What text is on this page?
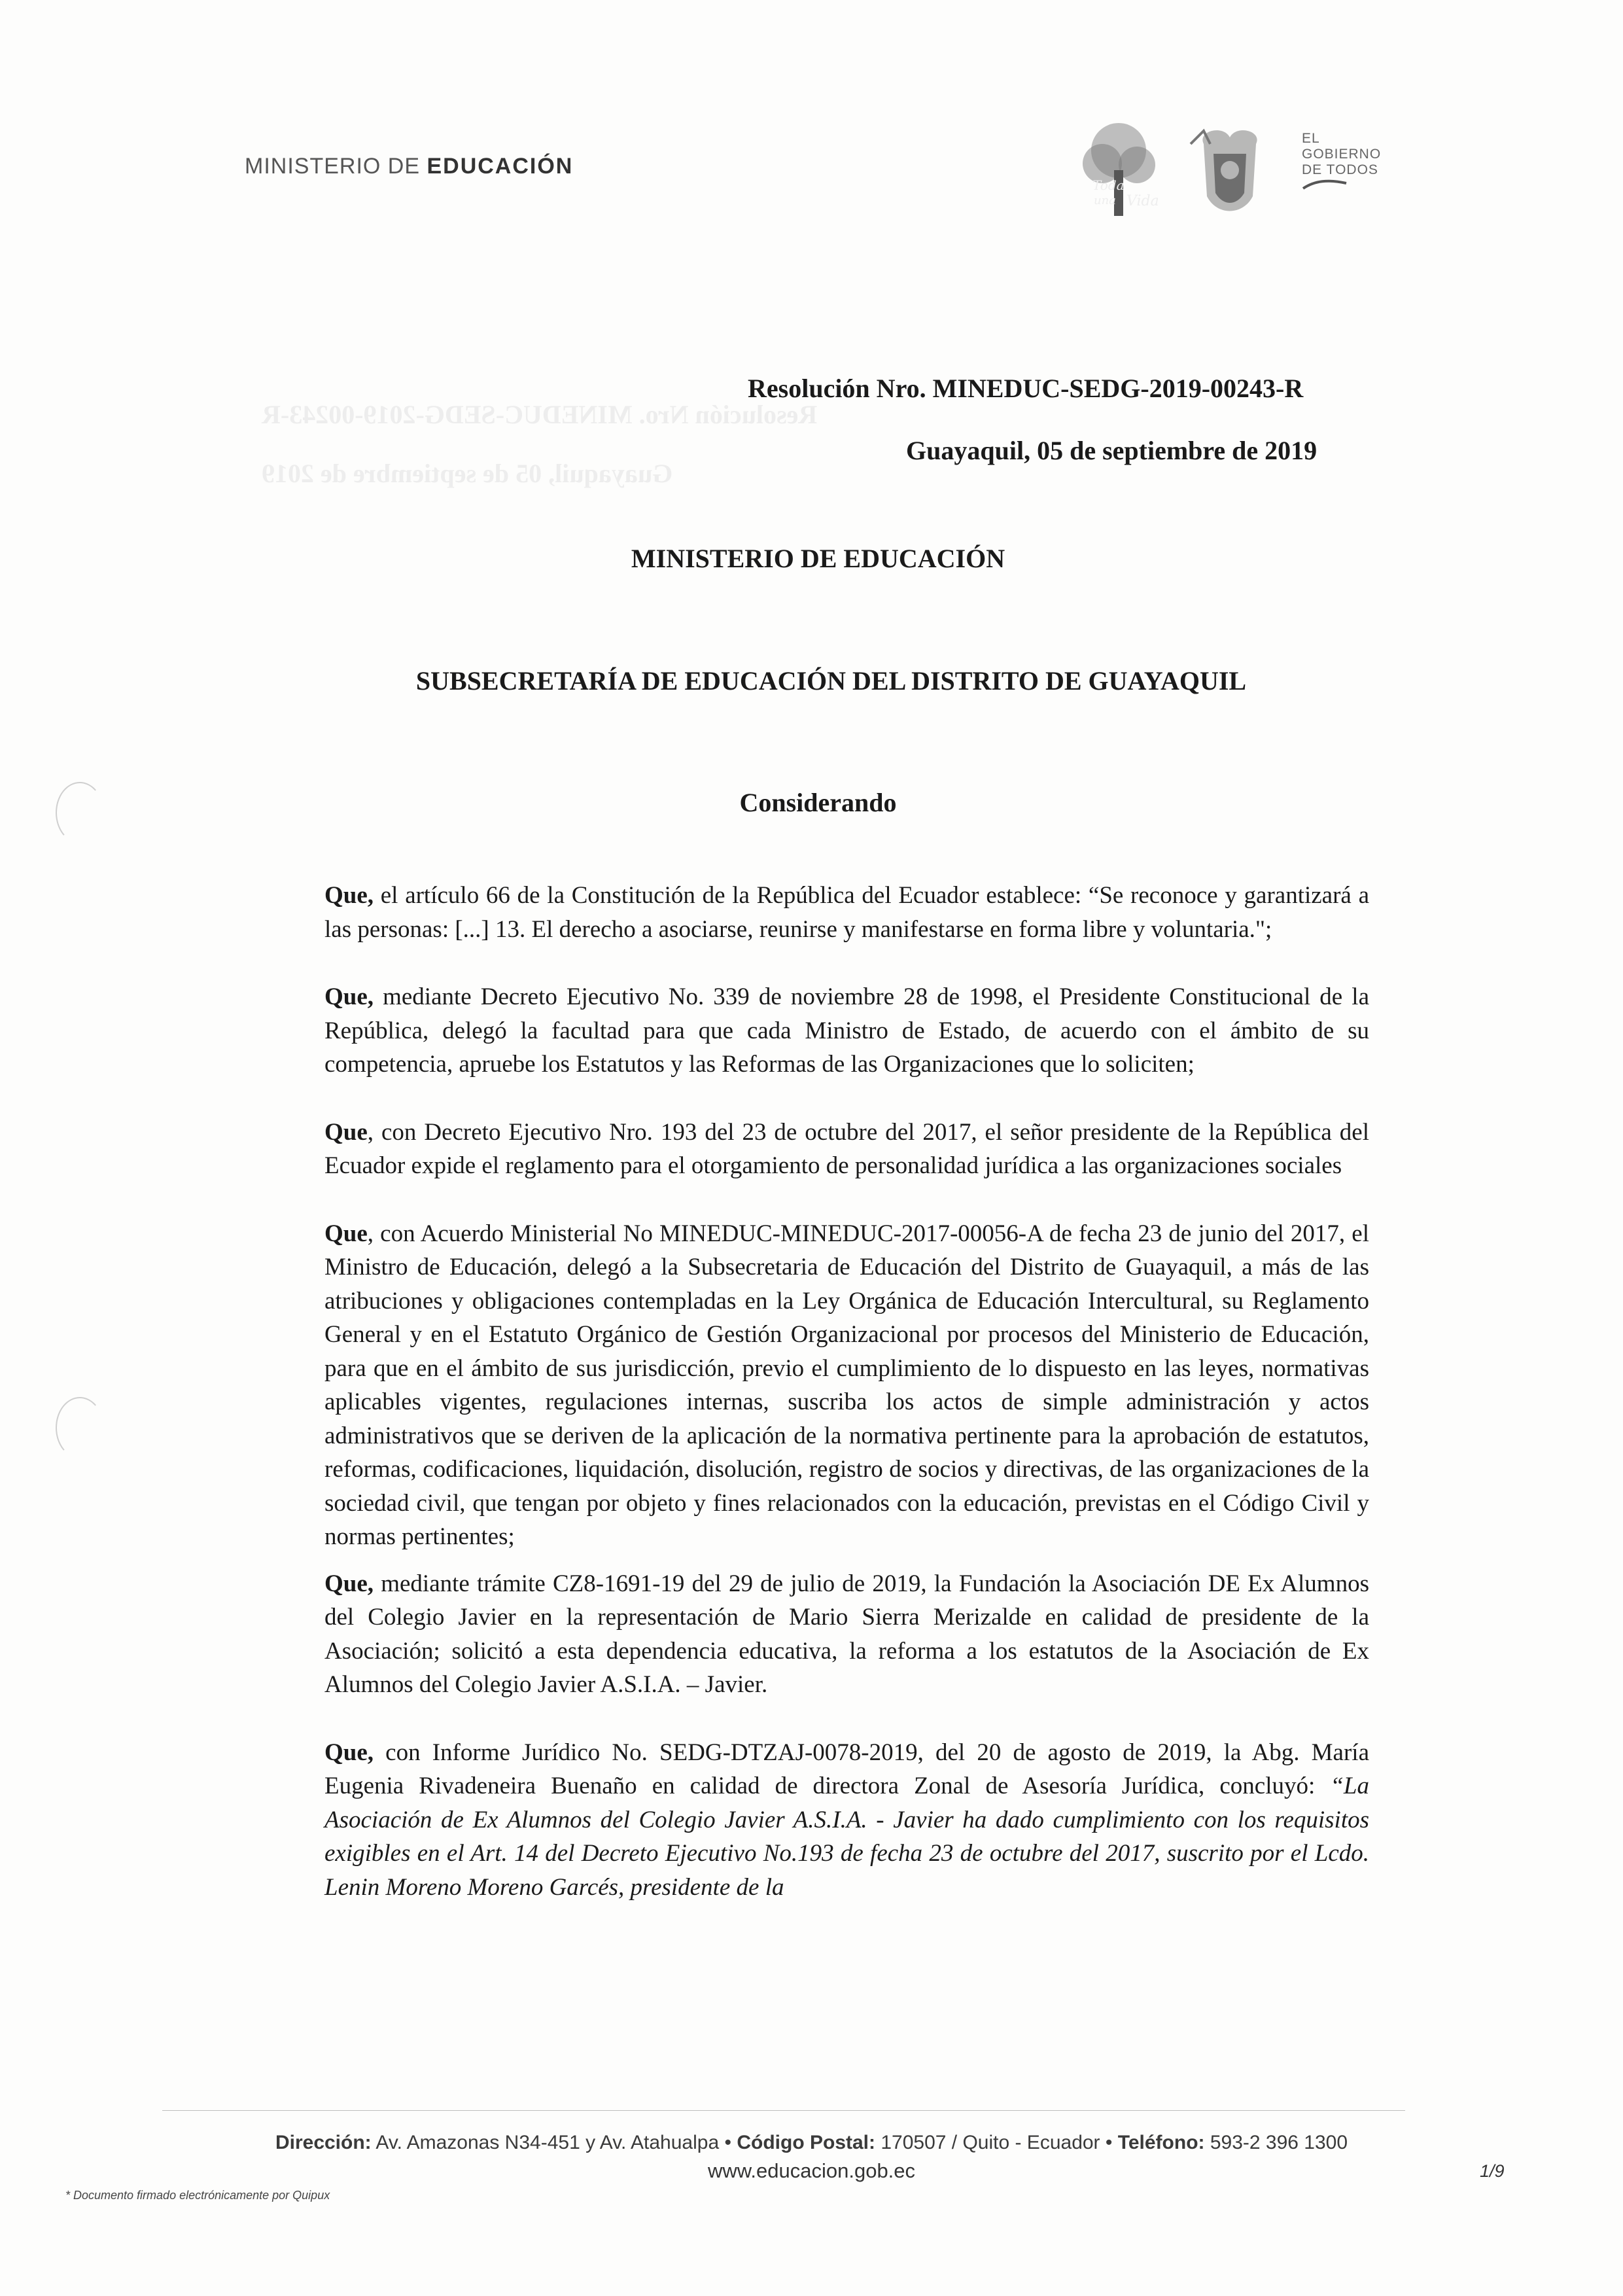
Resolución Nro. MINEDUC-SEDG-2019-00243-R
Guayaquil, 05 de septiembre de 2019
MINISTERIO DE EDUCACIÓN
Toda
una Vida
EL
GOBIERNO
DE TODOS
Resolución Nro. MINEDUC-SEDG-2019-00243-R
Guayaquil, 05 de septiembre de 2019
MINISTERIO DE EDUCACIÓN
SUBSECRETARÍA DE EDUCACIÓN DEL DISTRITO DE GUAYAQUIL
Considerando

Que, el artículo 66 de la Constitución de la República del Ecuador establece: “Se reconoce y garantizará a las personas: [...] 13. El derecho a asociarse, reunirse y manifestarse en forma libre y voluntaria.";

Que, mediante Decreto Ejecutivo No. 339 de noviembre 28 de 1998, el Presidente Constitucional de la República, delegó la facultad para que cada Ministro de Estado, de acuerdo con el ámbito de su competencia, apruebe los Estatutos y las Reformas de las Organizaciones que lo soliciten;

Que, con Decreto Ejecutivo Nro. 193 del 23 de octubre del 2017, el señor presidente de la República del Ecuador expide el reglamento para el otorgamiento de personalidad jurídica a las organizaciones sociales

Que, con Acuerdo Ministerial No MINEDUC-MINEDUC-2017-00056-A de fecha 23 de junio del 2017, el Ministro de Educación, delegó a la Subsecretaria de Educación del Distrito de Guayaquil, a más de las atribuciones y obligaciones contempladas en la Ley Orgánica de Educación Intercultural, su Reglamento General y en el Estatuto Orgánico de Gestión Organizacional por procesos del Ministerio de Educación, para que en el ámbito de sus jurisdicción, previo el cumplimiento de lo dispuesto en las leyes, normativas aplicables vigentes, regulaciones internas, suscriba los actos de simple administración y actos administrativos que se deriven de la aplicación de la normativa pertinente para la aprobación de estatutos, reformas, codificaciones, liquidación, disolución, registro de socios y directivas, de las organizaciones de la sociedad civil, que tengan por objeto y fines relacionados con la educación, previstas en el Código Civil y normas pertinentes;

Que, mediante trámite CZ8-1691-19 del 29 de julio de 2019, la Fundación la Asociación DE Ex Alumnos del Colegio Javier en la representación de Mario Sierra Merizalde en calidad de presidente de la Asociación; solicitó a esta dependencia educativa, la reforma a los estatutos de la Asociación de Ex Alumnos del Colegio Javier A.S.I.A. – Javier.

Que, con Informe Jurídico No. SEDG-DTZAJ-0078-2019, del 20 de agosto de 2019, la Abg. María Eugenia Rivadeneira Buenaño en calidad de directora Zonal de Asesoría Jurídica, concluyó: “La Asociación de Ex Alumnos del Colegio Javier A.S.I.A. - Javier ha dado cumplimiento con los requisitos exigibles en el Art. 14 del Decreto Ejecutivo No.193 de fecha 23 de octubre del 2017, suscrito por el Lcdo. Lenin Moreno Moreno Garcés, presidente de la

Dirección: Av. Amazonas N34-451 y Av. Atahualpa • Código Postal: 170507 / Quito - Ecuador • Teléfono: 593-2 396 1300
www.educacion.gob.ec
* Documento firmado electrónicamente por Quipux
1/9
